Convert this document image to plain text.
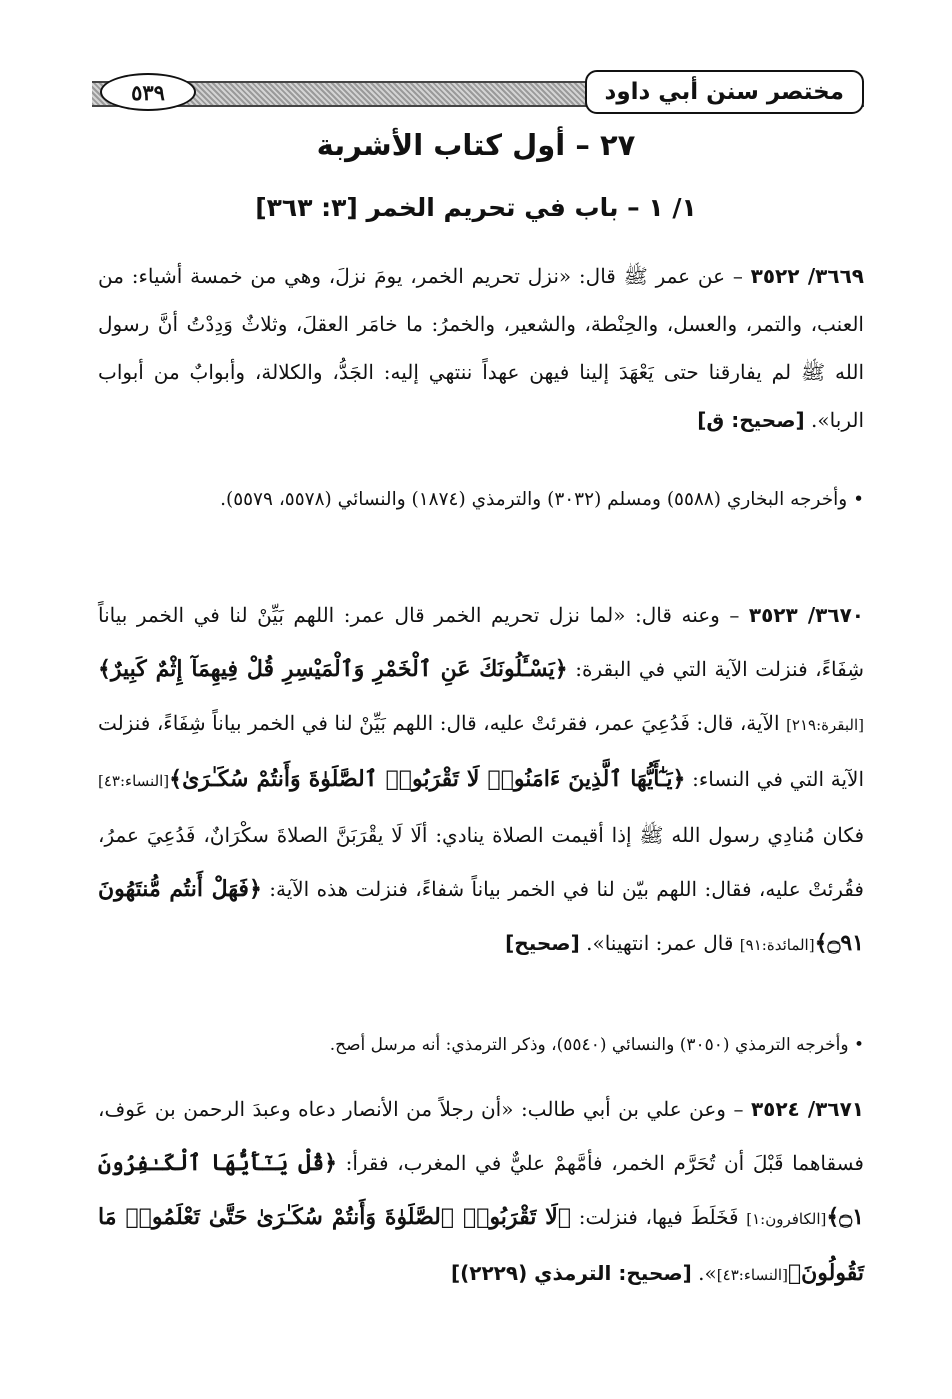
مختصر سنن أبي داود
٥٣٩
٢٧ – أول كتاب الأشربة
١/ ١ – باب في تحريم الخمر [٣: ٣٦٣]
٣٦٦٩/ ٣٥٢٢ – عن عمر ﷺ قال: «نزل تحريم الخمر، يومَ نزلَ، وهي من خمسة أشياء: من العنب، والتمر، والعسل، والحِنْطة، والشعير، والخمرُ: ما خامَر العقلَ، وثلاثٌ وَدِدْتُ أنَّ رسول الله ﷺ لم يفارقنا حتى يَعْهَدَ إلينا فيهن عهداً ننتهي إليه: الجَدُّ، والكلالة، وأبوابٌ من أبواب الربا». [صحيح: ق]
• وأخرجه البخاري (٥٥٨٨) ومسلم (٣٠٣٢) والترمذي (١٨٧٤) والنسائي (٥٥٧٨، ٥٥٧٩).
٣٦٧٠/ ٣٥٢٣ – وعنه قال: «لما نزل تحريم الخمر قال عمر: اللهم بَيِّنْ لنا في الخمر بياناً شِفَاءً، فنزلت الآية التي في البقرة: ﴿يَسْـَٔلُونَكَ عَنِ ٱلْخَمْرِ وَٱلْمَيْسِرِ قُلْ فِيهِمَآ إِثْمٌ كَبِيرٌ﴾[البقرة:٢١٩] الآية، قال: فَدُعِيَ عمر، فقرئتْ عليه، قال: اللهم بَيِّنْ لنا في الخمر بياناً شِفَاءً، فنزلت الآية التي في النساء: ﴿يَـٰٓأَيُّهَا ٱلَّذِينَ ءَامَنُوا۟ لَا تَقْرَبُوا۟ ٱلصَّلَوٰةَ وَأَنتُمْ سُكَـٰرَىٰ﴾[النساء:٤٣] فكان مُنادِي رسول الله ﷺ إذا أقيمت الصلاة ينادي: ألَا لَا يقْرَبَنَّ الصلاةَ سكْرَانٌ، فَدُعِيَ عمرُ، فقُرئتْ عليه، فقال: اللهم بيّن لنا في الخمر بياناً شفاءً، فنزلت هذه الآية: ﴿فَهَلْ أَنتُم مُّنتَهُونَ ۝٩١﴾[المائدة:٩١] قال عمر: انتهينا». [صحيح]
• وأخرجه الترمذي (٣٠٥٠) والنسائي (٥٥٤٠)، وذكر الترمذي: أنه مرسل أصح.
٣٦٧١/ ٣٥٢٤ – وعن علي بن أبي طالب: «أن رجلاً من الأنصار دعاه وعبدَ الرحمن بن عَوف، فسقاهما قَبْلَ أن تُحَرَّم الخمر، فأمَّهمْ عليٌّ في المغرب، فقرأ: ﴿قُلْ يَـٰٓأَيُّهَا ٱلْكَـٰفِرُونَ ۝١﴾[الكافرون:١] فَخَلَطَ فيها، فنزلت: ﴿لَا تَقْرَبُوا۟ ٱلصَّلَوٰةَ وَأَنتُمْ سُكَـٰرَىٰ حَتَّىٰ تَعْلَمُوا۟ مَا تَقُولُونَ﴾[النساء:٤٣]». [صحيح: الترمذي (٢٢٢٩)]
